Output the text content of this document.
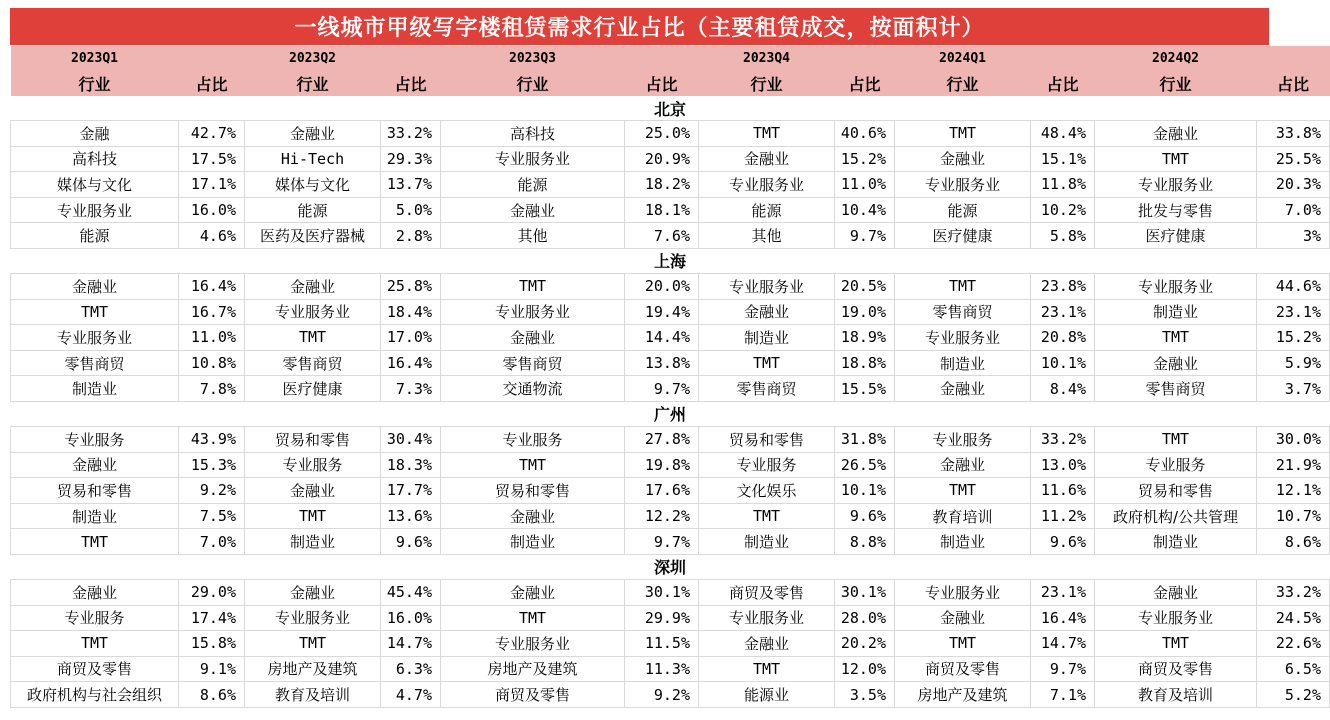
一线城市甲级写字楼租赁需求行业占比（主要租赁成交，按面积计）
2023Q1		2023Q2		2023Q3		2023Q4		2024Q1		2024Q2	
行业	占比	行业	占比	行业	占比	行业	占比	行业	占比	行业	占比
北京											
金融	42.7%	金融业	33.2%	高科技	25.0%	TMT	40.6%	TMT	48.4%	金融业	33.8%
高科技	17.5%	Hi-Tech	29.3%	专业服务业	20.9%	金融业	15.2%	金融业	15.1%	TMT	25.5%
媒体与文化	17.1%	媒体与文化	13.7%	能源	18.2%	专业服务业	11.0%	专业服务业	11.8%	专业服务业	20.3%
专业服务业	16.0%	能源	5.0%	金融业	18.1%	能源	10.4%	能源	10.2%	批发与零售	7.0%
能源	4.6%	医药及医疗器械	2.8%	其他	7.6%	其他	9.7%	医疗健康	5.8%	医疗健康	3%
上海											
金融业	16.4%	金融业	25.8%	TMT	20.0%	专业服务业	20.5%	TMT	23.8%	专业服务业	44.6%
TMT	16.7%	专业服务业	18.4%	专业服务业	19.4%	金融业	19.0%	零售商贸	23.1%	制造业	23.1%
专业服务业	11.0%	TMT	17.0%	金融业	14.4%	制造业	18.9%	专业服务业	20.8%	TMT	15.2%
零售商贸	10.8%	零售商贸	16.4%	零售商贸	13.8%	TMT	18.8%	制造业	10.1%	金融业	5.9%
制造业	7.8%	医疗健康	7.3%	交通物流	9.7%	零售商贸	15.5%	金融业	8.4%	零售商贸	3.7%
广州											
专业服务	43.9%	贸易和零售	30.4%	专业服务	27.8%	贸易和零售	31.8%	专业服务	33.2%	TMT	30.0%
金融业	15.3%	专业服务	18.3%	TMT	19.8%	专业服务	26.5%	金融业	13.0%	专业服务	21.9%
贸易和零售	9.2%	金融业	17.7%	贸易和零售	17.6%	文化娱乐	10.1%	TMT	11.6%	贸易和零售	12.1%
制造业	7.5%	TMT	13.6%	金融业	12.2%	TMT	9.6%	教育培训	11.2%	政府机构/公共管理	10.7%
TMT	7.0%	制造业	9.6%	制造业	9.7%	制造业	8.8%	制造业	9.6%	制造业	8.6%
深圳											
金融业	29.0%	金融业	45.4%	金融业	30.1%	商贸及零售	30.1%	专业服务业	23.1%	金融业	33.2%
专业服务	17.4%	专业服务业	16.0%	TMT	29.9%	专业服务业	28.0%	金融业	16.4%	专业服务业	24.5%
TMT	15.8%	TMT	14.7%	专业服务业	11.5%	金融业	20.2%	TMT	14.7%	TMT	22.6%
商贸及零售	9.1%	房地产及建筑	6.3%	房地产及建筑	11.3%	TMT	12.0%	商贸及零售	9.7%	商贸及零售	6.5%
政府机构与社会组织	8.6%	教育及培训	4.7%	商贸及零售	9.2%	能源业	3.5%	房地产及建筑	7.1%	教育及培训	5.2%
